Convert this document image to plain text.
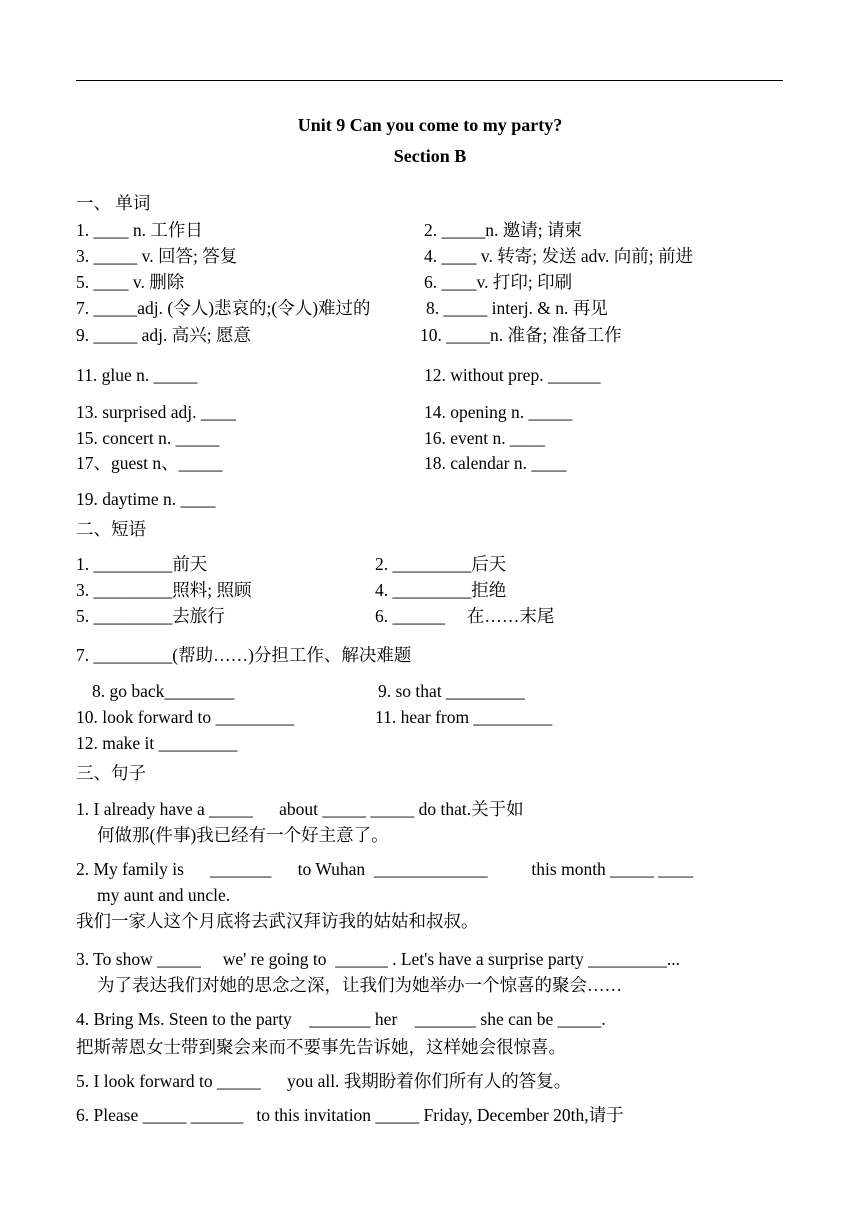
Unit 9 Can you come to my party?
Section B
一、 单词
1. ____ n. 工作日	2. _____n. 邀请; 请柬
3. _____ v. 回答; 答复	4. ____ v. 转寄; 发送 adv. 向前; 前进
5. ____ v. 删除	6. ____v. 打印; 印刷
7. _____adj. (令人)悲哀的;(令人)难过的	8. _____ interj. & n. 再见
9. _____ adj. 高兴; 愿意	10. _____n. 准备; 准备工作
11. glue n. _____	12. without prep. ______
13. surprised adj. ____	14. opening n. _____
15. concert n. _____	16. event n. ____
17、guest n、_____	18. calendar n. ____
19. daytime n. ____
二、短语
1. _________前天	2. _________后天
3. _________照料; 照顾	4. _________拒绝
5. _________去旅行	6. ______     在……末尾
7. _________(帮助……)分担工作、解决难题
8. go back________	9. so that _________
10. look forward to _________	11. hear from _________
12. make it _________
三、句子
1. I already have a _____      about _____ _____ do that.关于如
何做那(件事)我已经有一个好主意了。
2. My family is      _______      to Wuhan  _____________          this month _____ ____
my aunt and uncle.
我们一家人这个月底将去武汉拜访我的姑姑和叔叔。
3. To show _____     we' re going to  ______ . Let's have a surprise party _________...
为了表达我们对她的思念之深，让我们为她举办一个惊喜的聚会……
4. Bring Ms. Steen to the party    _______ her    _______ she can be _____.
把斯蒂恩女士带到聚会来而不要事先告诉她，这样她会很惊喜。
5. I look forward to _____      you all. 我期盼着你们所有人的答复。
6. Please _____ ______   to this invitation _____ Friday, December 20th,请于
